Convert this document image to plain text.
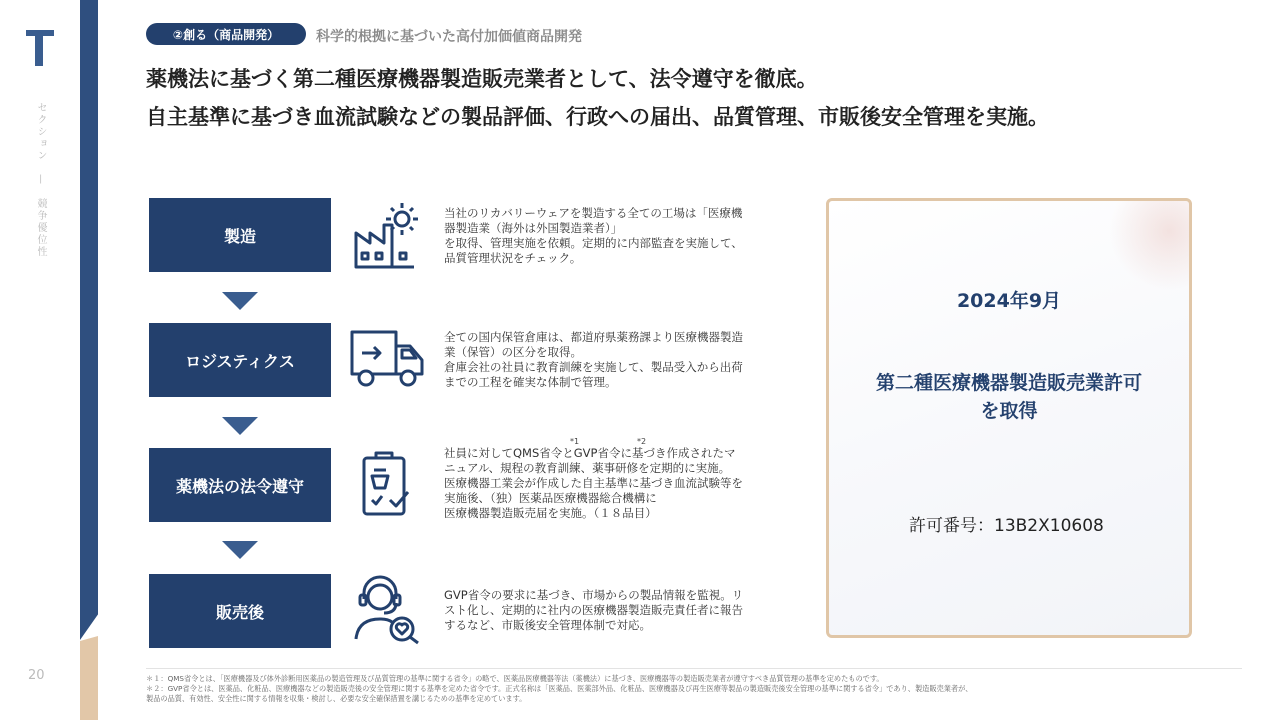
セクション　—　競争優位性
20
②創る（商品開発）	科学的根拠に基づいた高付加価値商品開発
薬機法に基づく第二種医療機器製造販売業者として、法令遵守を徹底。
自主基準に基づき血流試験などの製品評価、行政への届出、品質管理、市販後安全管理を実施。
製造
当社のリカバリーウェアを製造する全ての工場は「医療機
器製造業（海外は外国製造業者）」
を取得、管理実施を依頼。定期的に内部監査を実施して、
品質管理状況をチェック。
ロジスティクス
全ての国内保管倉庫は、都道府県薬務課より医療機器製造
業（保管）の区分を取得。
倉庫会社の社員に教育訓練を実施して、製品受入から出荷
までの工程を確実な体制で管理。
薬機法の法令遵守
*1	*2
社員に対してQMS省令とGVP省令に基づき作成されたマ
ニュアル、規程の教育訓練、薬事研修を定期的に実施。
医療機器工業会が作成した自主基準に基づき血流試験等を
実施後、（独）医薬品医療機器総合機構に
医療機器製造販売届を実施。（１８品目）
販売後
GVP省令の要求に基づき、市場からの製品情報を監視。リ
スト化し、定期的に社内の医療機器製造販売責任者に報告
するなど、市販後安全管理体制で対応。
2024年9月
第二種医療機器製造販売業許可
を取得
許可番号：13B2X10608
＊１：QMS省令とは、「医療機器及び体外診断用医薬品の製造管理及び品質管理の基準に関する省令」の略で、医薬品医療機器等法（薬機法）に基づき、医療機器等の製造販売業者が遵守すべき品質管理の基準を定めたものです。
＊２：GVP省令とは、医薬品、化粧品、医療機器などの製造販売後の安全管理に関する基準を定めた省令です。正式名称は「医薬品、医薬部外品、化粧品、医療機器及び再生医療等製品の製造販売後安全管理の基準に関する省令」であり、製造販売業者が、
製品の品質、有効性、安全性に関する情報を収集・検討し、必要な安全確保措置を講じるための基準を定めています。
